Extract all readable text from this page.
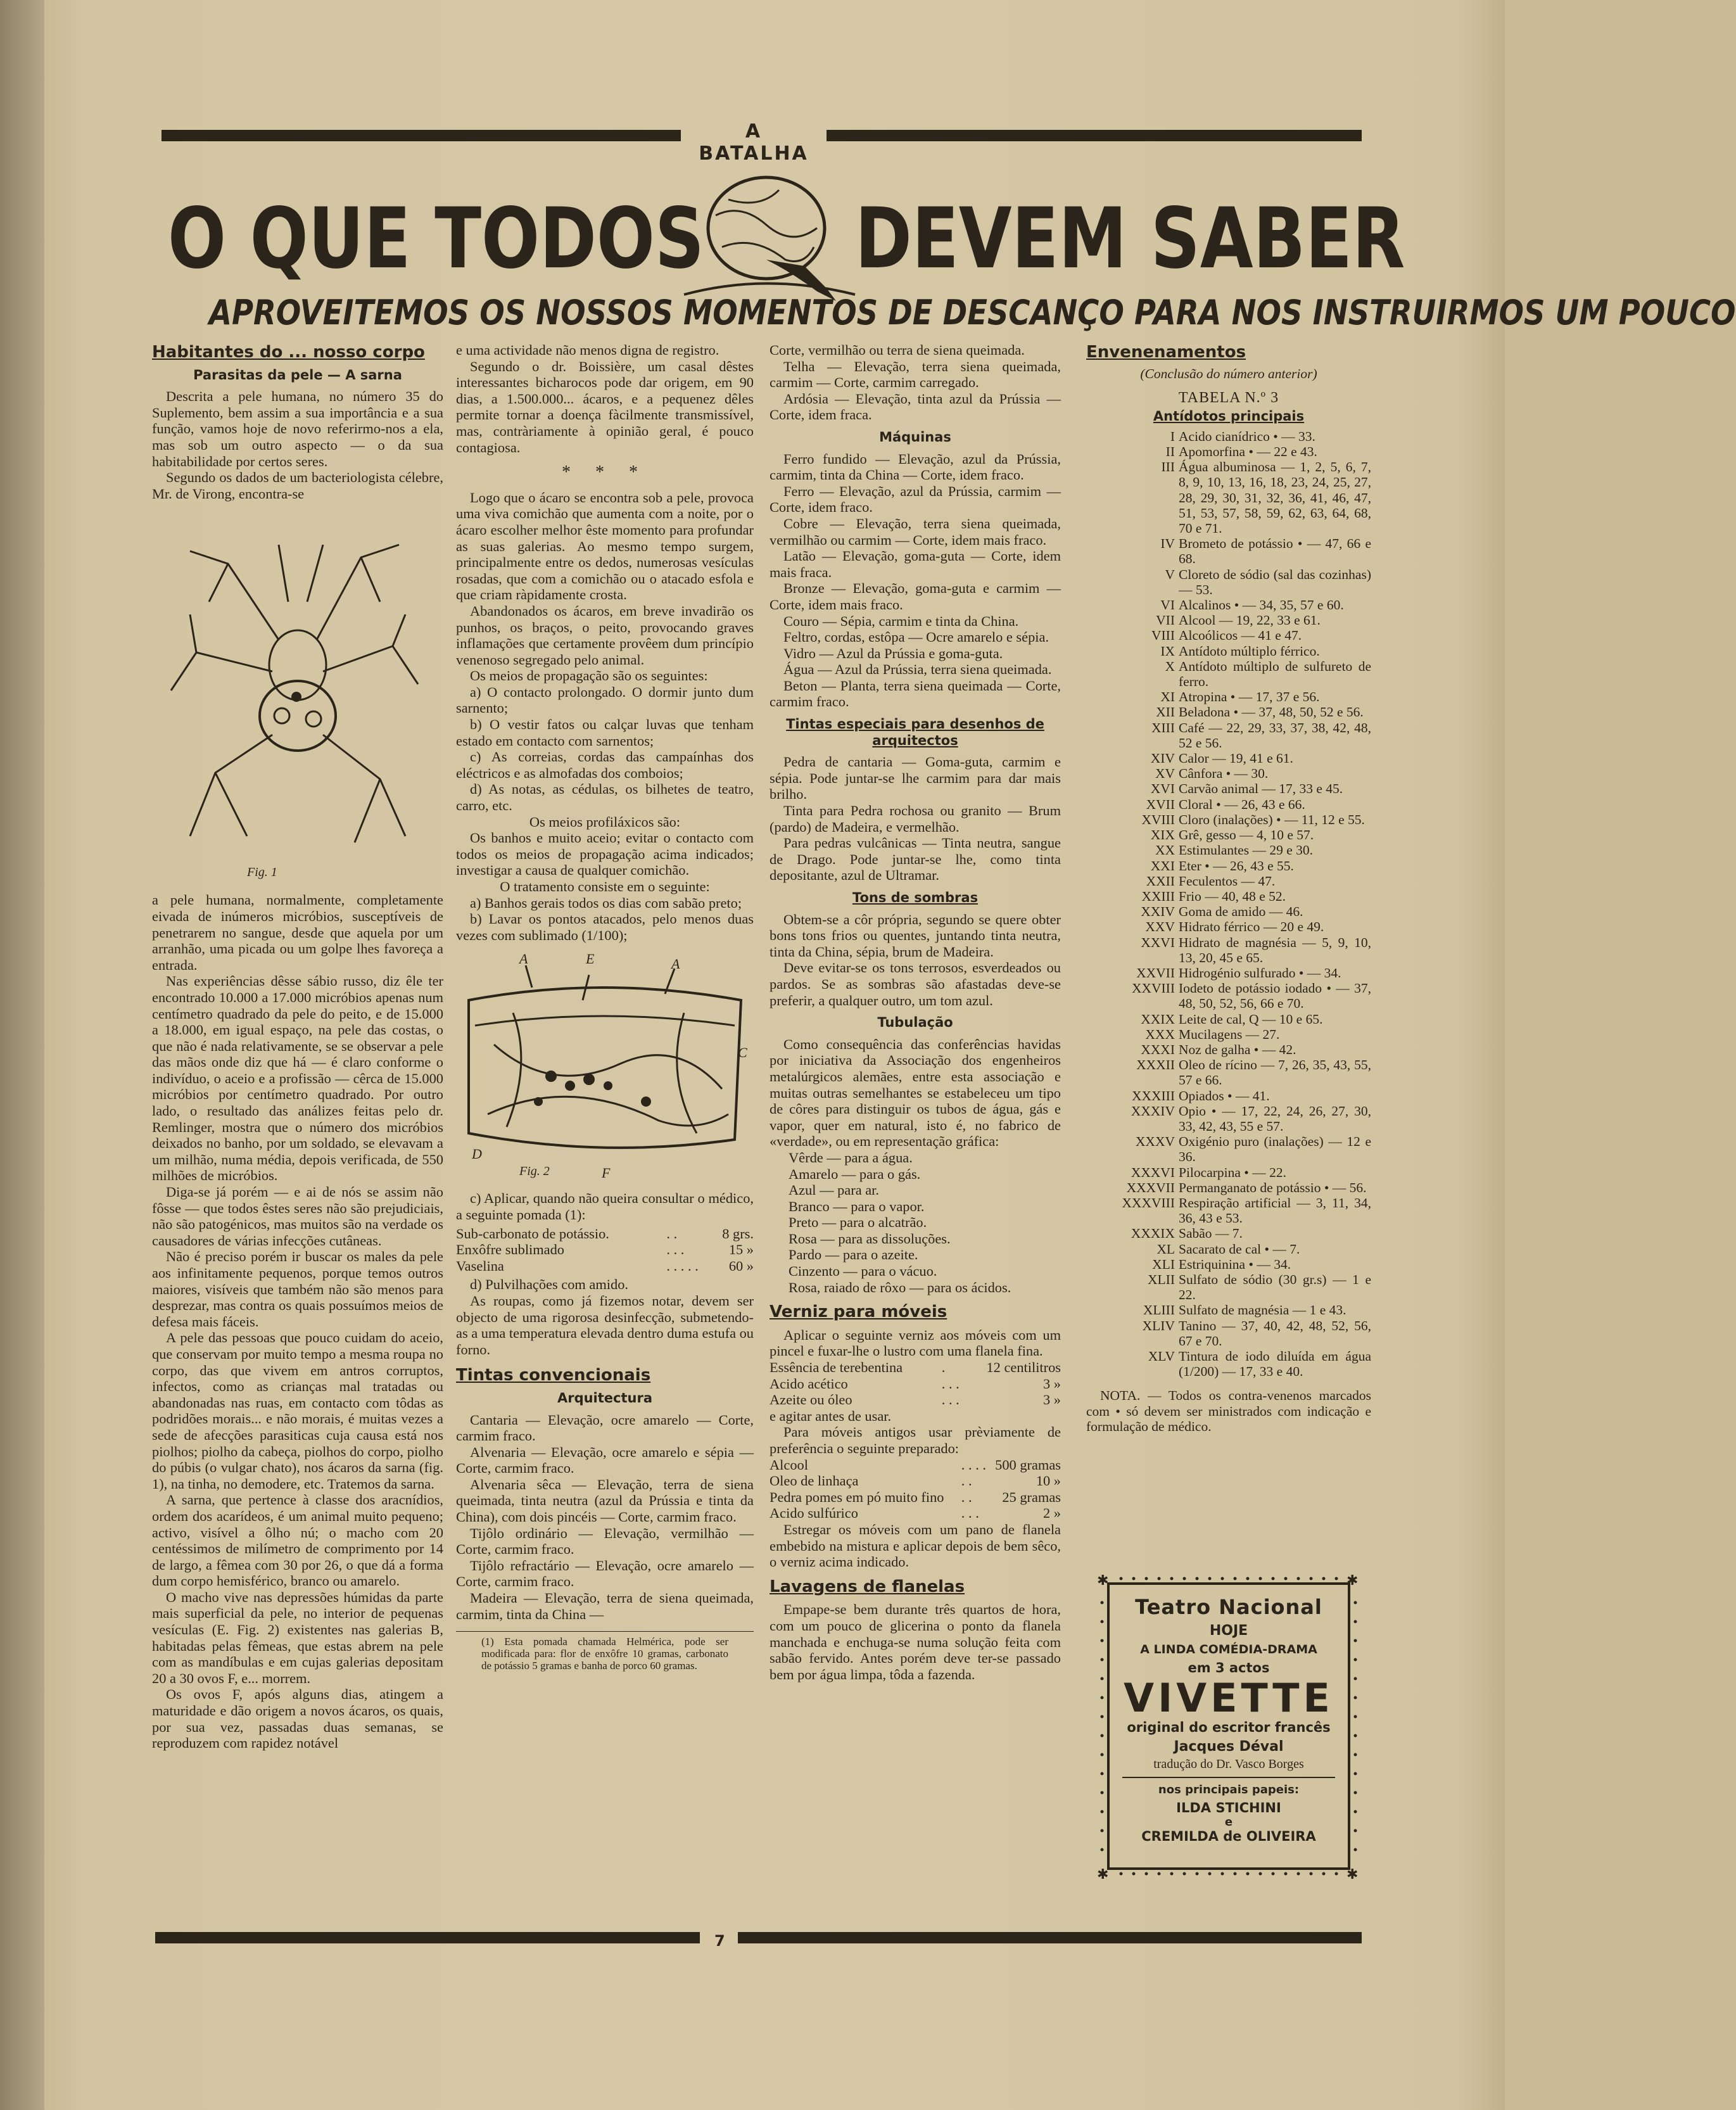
A BATALHA
O QUE TODOS DEVEM SABER
APROVEITEMOS OS NOSSOS MOMENTOS DE DESCANÇO PARA NOS INSTRUIRMOS UM POUCO
Habitantes do ... nosso corpo
Parasitas da pele — A sarna

Descrita a pele humana, no número 35 do Suplemento, bem assim a sua importância e a sua função, vamos hoje de novo referirmo-nos a ela, mas sob um outro aspecto — o da sua habitabilidade por certos seres.

Segundo os dados de um bacteriologista célebre, Mr. de Virong, encontra-se

Fig. 1

a pele humana, normalmente, completamente eivada de inúmeros micróbios, susceptíveis de penetrarem no sangue, desde que aquela por um arranhão, uma picada ou um golpe lhes favoreça a entrada.

Nas experiências dêsse sábio russo, diz êle ter encontrado 10.000 a 17.000 micróbios apenas num centímetro quadrado da pele do peito, e de 15.000 a 18.000, em igual espaço, na pele das costas, o que não é nada relativamente, se se observar a pele das mãos onde diz que há — é claro conforme o indivíduo, o aceio e a profissão — cêrca de 15.000 micróbios por centímetro quadrado. Por outro lado, o resultado das análizes feitas pelo dr. Remlinger, mostra que o número dos micróbios deixados no banho, por um soldado, se elevavam a um milhão, numa média, depois verificada, de 550 milhões de micróbios.

Diga-se já porém — e ai de nós se assim não fôsse — que todos êstes seres não são prejudiciais, não são patogénicos, mas muitos são na verdade os causadores de várias infecções cutâneas.

Não é preciso porém ir buscar os males da pele aos infinitamente pequenos, porque temos outros maiores, visíveis que também não são menos para desprezar, mas contra os quais possuímos meios de defesa mais fáceis.

A pele das pessoas que pouco cuidam do aceio, que conservam por muito tempo a mesma roupa no corpo, das que vivem em antros corruptos, infectos, como as crianças mal tratadas ou abandonadas nas ruas, em contacto com tôdas as podridões morais... e não morais, é muitas vezes a sede de afecções parasiticas cuja causa está nos piolhos; piolho da cabeça, piolhos do corpo, piolho do púbis (o vulgar chato), nos ácaros da sarna (fig. 1), na tinha, no demodere, etc. Tratemos da sarna.

A sarna, que pertence à classe dos aracnídios, ordem dos acarídeos, é um animal muito pequeno; activo, visível a ôlho nú; o macho com 20 centéssimos de milímetro de comprimento por 14 de largo, a fêmea com 30 por 26, o que dá a forma dum corpo hemisférico, branco ou amarelo.

O macho vive nas depressões húmidas da parte mais superficial da pele, no interior de pequenas vesículas (E. Fig. 2) existentes nas galerias B, habitadas pelas fêmeas, que estas abrem na pele com as mandíbulas e em cujas galerias depositam 20 a 30 ovos F, e... morrem.

Os ovos F, após alguns dias, atingem a maturidade e dão origem a novos ácaros, os quais, por sua vez, passadas duas semanas, se reproduzem com rapidez notável

e uma actividade não menos digna de registro.

Segundo o dr. Boissière, um casal dêstes interessantes bicharocos pode dar origem, em 90 dias, a 1.500.000... ácaros, e a pequenez dêles permite tornar a doença fàcilmente transmissível, mas, contràriamente à opinião geral, é pouco contagiosa.

* * *

Logo que o ácaro se encontra sob a pele, provoca uma viva comichão que aumenta com a noite, por o ácaro escolher melhor êste momento para profundar as suas galerias. Ao mesmo tempo surgem, principalmente entre os dedos, numerosas vesículas rosadas, que com a comichão ou o atacado esfola e que criam ràpidamente crosta.

Abandonados os ácaros, em breve invadirão os punhos, os braços, o peito, provocando graves inflamações que certamente provêem dum princípio venenoso segregado pelo animal.

Os meios de propagação são os seguintes:

a) O contacto prolongado. O dormir junto dum sarnento;

b) O vestir fatos ou calçar luvas que tenham estado em contacto com sarnentos;

c) As correias, cordas das campaínhas dos eléctricos e as almofadas dos comboios;

d) As notas, as cédulas, os bilhetes de teatro, carro, etc.

Os meios profiláxicos são:

Os banhos e muito aceio; evitar o contacto com todos os meios de propagação acima indicados; investigar a causa de qualquer comichão.

O tratamento consiste em o seguinte:

a) Banhos gerais todos os dias com sabão preto;

b) Lavar os pontos atacados, pelo menos duas vezes com sublimado (1/100);

A	E	A
C
D
F
Fig. 2

c) Aplicar, quando não queira consultar o médico, a seguinte pomada (1):

Sub-carbonato de potássio.	. .	8 grs.
Enxôfre sublimado	. . .	15 »
Vaselina	. . . . .	60 »

d) Pulvilhações com amido.

As roupas, como já fizemos notar, devem ser objecto de uma rigorosa desinfecção, submetendo-as a uma temperatura elevada dentro duma estufa ou forno.

Tintas convencionais
Arquitectura

Cantaria — Elevação, ocre amarelo — Corte, carmim fraco.

Alvenaria — Elevação, ocre amarelo e sépia — Corte, carmim fraco.

Alvenaria sêca — Elevação, terra de siena queimada, tinta neutra (azul da Prússia e tinta da China), com dois pincéis — Corte, carmim fraco.

Tijôlo ordinário — Elevação, vermilhão — Corte, carmim fraco.

Tijôlo refractário — Elevação, ocre amarelo — Corte, carmim fraco.

Madeira — Elevação, terra de siena queimada, carmim, tinta da China —

(1) Esta pomada chamada Helmérica, pode ser modificada para: flor de enxôfre 10 gramas, carbonato de potássio 5 gramas e banha de porco 60 gramas.

Corte, vermilhão ou terra de siena queimada.

Telha — Elevação, terra siena queimada, carmim — Corte, carmim carregado.

Ardósia — Elevação, tinta azul da Prússia — Corte, idem fraca.

Máquinas

Ferro fundido — Elevação, azul da Prússia, carmim, tinta da China — Corte, idem fraco.

Ferro — Elevação, azul da Prússia, carmim — Corte, idem fraco.

Cobre — Elevação, terra siena queimada, vermilhão ou carmim — Corte, idem mais fraco.

Latão — Elevação, goma-guta — Corte, idem mais fraca.

Bronze — Elevação, goma-guta e carmim — Corte, idem mais fraco.

Couro — Sépia, carmim e tinta da China.

Feltro, cordas, estôpa — Ocre amarelo e sépia.

Vidro — Azul da Prússia e goma-guta.

Água — Azul da Prússia, terra siena queimada.

Beton — Planta, terra siena queimada — Corte, carmim fraco.

Tintas especiais para desenhos de arquitectos

Pedra de cantaria — Goma-guta, carmim e sépia. Pode juntar-se lhe carmim para dar mais brilho.

Tinta para Pedra rochosa ou granito — Brum (pardo) de Madeira, e vermelhão.

Para pedras vulcânicas — Tinta neutra, sangue de Drago. Pode juntar-se lhe, como tinta depositante, azul de Ultramar.

Tons de sombras

Obtem-se a côr própria, segundo se quere obter bons tons frios ou quentes, juntando tinta neutra, tinta da China, sépia, brum de Madeira.

Deve evitar-se os tons terrosos, esverdeados ou pardos. Se as sombras são afastadas deve-se preferir, a qualquer outro, um tom azul.

Tubulação

Como consequência das conferências havidas por iniciativa da Associação dos engenheiros metalúrgicos alemães, entre esta associação e muitas outras semelhantes se estabeleceu um tipo de côres para distinguir os tubos de água, gás e vapor, quer em natural, isto é, no fabrico de «verdade», ou em representação gráfica:

Vêrde — para a água.
Amarelo — para o gás.
Azul — para ar.
Branco — para o vapor.
Preto — para o alcatrão.
Rosa — para as dissoluções.
Pardo — para o azeite.
Cinzento — para o vácuo.
Rosa, raiado de rôxo — para os ácidos.
Verniz para móveis

Aplicar o seguinte verniz aos móveis com um pincel e fuxar-lhe o lustro com uma flanela fina.

Essência de terebentina	.	12 centilitros
Acido acético	. . .	3 »
Azeite ou óleo	. . .	3 »

e agitar antes de usar.

Para móveis antigos usar prèviamente de preferência o seguinte preparado:

Alcool	. . . .	500 gramas
Oleo de linhaça	. .	10 »
Pedra pomes em pó muito fino	. .	25 gramas
Acido sulfúrico	. . .	2 »

Estregar os móveis com um pano de flanela embebido na mistura e aplicar depois de bem sêco, o verniz acima indicado.

Lavagens de flanelas

Empape-se bem durante três quartos de hora, com um pouco de glicerina o ponto da flanela manchada e enchuga-se numa solução feita com sabão fervido. Antes porém deve ter-se passado bem por água limpa, tôda a fazenda.

Envenenamentos
(Conclusão do número anterior)
TABELA N.º 3
Antídotos principais
I Acido cianídrico • — 33.
II Apomorfina • — 22 e 43.
III Água albuminosa — 1, 2, 5, 6, 7, 8, 9, 10, 13, 16, 18, 23, 24, 25, 27, 28, 29, 30, 31, 32, 36, 41, 46, 47, 51, 53, 57, 58, 59, 62, 63, 64, 68, 70 e 71.
IV Brometo de potássio • — 47, 66 e 68.
V Cloreto de sódio (sal das cozinhas) — 53.
VI Alcalinos • — 34, 35, 57 e 60.
VII Alcool — 19, 22, 33 e 61.
VIII Alcoólicos — 41 e 47.
IX Antídoto múltiplo férrico.
X Antídoto múltiplo de sulfureto de ferro.
XI Atropina • — 17, 37 e 56.
XII Beladona • — 37, 48, 50, 52 e 56.
XIII Café — 22, 29, 33, 37, 38, 42, 48, 52 e 56.
XIV Calor — 19, 41 e 61.
XV Cânfora • — 30.
XVI Carvão animal — 17, 33 e 45.
XVII Cloral • — 26, 43 e 66.
XVIII Cloro (inalações) • — 11, 12 e 55.
XIX Grê, gesso — 4, 10 e 57.
XX Estimulantes — 29 e 30.
XXI Eter • — 26, 43 e 55.
XXII Feculentos — 47.
XXIII Frio — 40, 48 e 52.
XXIV Goma de amido — 46.
XXV Hidrato férrico — 20 e 49.
XXVI Hidrato de magnésia — 5, 9, 10, 13, 20, 45 e 65.
XXVII Hidrogénio sulfurado • — 34.
XXVIII Iodeto de potássio iodado • — 37, 48, 50, 52, 56, 66 e 70.
XXIX Leite de cal, Q — 10 e 65.
XXX Mucilagens — 27.
XXXI Noz de galha • — 42.
XXXII Oleo de rícino — 7, 26, 35, 43, 55, 57 e 66.
XXXIII Opiados • — 41.
XXXIV Opio • — 17, 22, 24, 26, 27, 30, 33, 42, 43, 55 e 57.
XXXV Oxigénio puro (inalações) — 12 e 36.
XXXVI Pilocarpina • — 22.
XXXVII Permanganato de potássio • — 56.
XXXVIII Respiração artificial — 3, 11, 34, 36, 43 e 53.
XXXIX Sabão — 7.
XL Sacarato de cal • — 7.
XLI Estriquinina • — 34.
XLII Sulfato de sódio (30 gr.s) — 1 e 22.
XLIII Sulfato de magnésia — 1 e 43.
XLIV Tanino — 37, 40, 42, 48, 52, 56, 67 e 70.
XLV Tintura de iodo diluída em água (1/200) — 17, 33 e 40.

NOTA. — Todos os contra-venenos marcados com • só devem ser ministrados com indicação e formulação de médico.

✱	✱
✱	✱
Teatro Nacional
HOJE
A LINDA COMÉDIA-DRAMA
em 3 actos
VIVETTE
original do escritor francês
Jacques Déval
tradução do Dr. Vasco Borges
nos principais papeis:
ILDA STICHINI
e
CREMILDA de OLIVEIRA
7
